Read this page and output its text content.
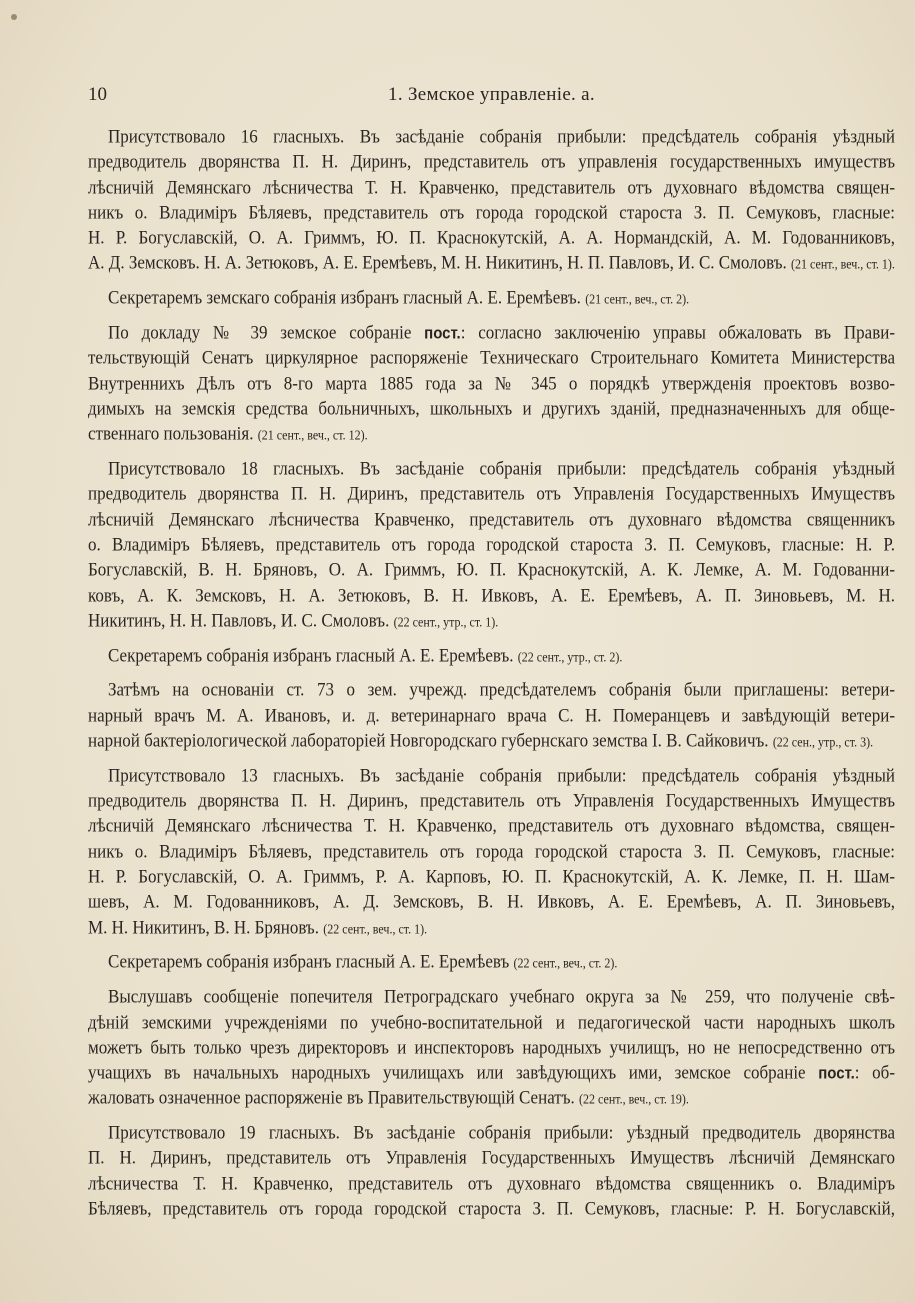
10	1. Земское управленіе. а.
Присутствовало 16 гласныхъ. Въ засѣданіе собранія прибыли: предсѣдатель собранія уѣздный
предводитель дворянства П. Н. Диринъ, представитель отъ управленія государственныхъ имуществъ
лѣсничій Демянскаго лѣсничества Т. Н. Кравченко, представитель отъ духовнаго вѣдомства священ-
никъ о. Владиміръ Бѣляевъ, представитель отъ города городской староста З. П. Семуковъ, гласные:
Н. Р. Богуславскій, О. А. Гриммъ, Ю. П. Краснокутскій, А. А. Нормандскій, А. М. Годованниковъ,
А. Д. Земсковъ. Н. А. Зетюковъ, А. Е. Еремѣевъ, М. Н. Никитинъ, Н. П. Павловъ, И. С. Смоловъ. (21 сент., веч., ст. 1).
Секретаремъ земскаго собранія избранъ гласный А. Е. Еремѣевъ. (21 сент., веч., ст. 2).
По докладу № 39 земское собраніе пост.: согласно заключенію управы обжаловать въ Прави-
тельствующій Сенатъ циркулярное распоряженіе Техническаго Строительнаго Комитета Министерства
Внутреннихъ Дѣлъ отъ 8-го марта 1885 года за № 345 о порядкѣ утвержденія проектовъ возво-
димыхъ на земскія средства больничныхъ, школьныхъ и другихъ зданій, предназначенныхъ для обще-
ственнаго пользованія. (21 сент., веч., ст. 12).
Присутствовало 18 гласныхъ. Въ засѣданіе собранія прибыли: предсѣдатель собранія уѣздный
предводитель дворянства П. Н. Диринъ, представитель отъ Управленія Государственныхъ Имуществъ
лѣсничій Демянскаго лѣсничества Кравченко, представитель отъ духовнаго вѣдомства священникъ
о. Владиміръ Бѣляевъ, представитель отъ города городской староста З. П. Семуковъ, гласные: Н. Р.
Богуславскій, В. Н. Бряновъ, О. А. Гриммъ, Ю. П. Краснокутскій, А. К. Лемке, А. М. Годованни-
ковъ, А. К. Земсковъ, Н. А. Зетюковъ, В. Н. Ивковъ, А. Е. Еремѣевъ, А. П. Зиновьевъ, М. Н.
Никитинъ, Н. Н. Павловъ, И. С. Смоловъ. (22 сент., утр., ст. 1).
Секретаремъ собранія избранъ гласный А. Е. Еремѣевъ. (22 сент., утр., ст. 2).
Затѣмъ на основаніи ст. 73 о зем. учрежд. предсѣдателемъ собранія были приглашены: ветери-
нарный врачъ М. А. Ивановъ, и. д. ветеринарнаго врача С. Н. Померанцевъ и завѣдующій ветери-
нарной бактеріологической лабораторіей Новгородскаго губернскаго земства І. В. Сайковичъ. (22 сен., утр., ст. 3).
Присутствовало 13 гласныхъ. Въ засѣданіе собранія прибыли: предсѣдатель собранія уѣздный
предводитель дворянства П. Н. Диринъ, представитель отъ Управленія Государственныхъ Имуществъ
лѣсничій Демянскаго лѣсничества Т. Н. Кравченко, представитель отъ духовнаго вѣдомства, священ-
никъ о. Владиміръ Бѣляевъ, представитель отъ города городской староста З. П. Семуковъ, гласные:
Н. Р. Богуславскій, О. А. Гриммъ, Р. А. Карповъ, Ю. П. Краснокутскій, А. К. Лемке, П. Н. Шам-
шевъ, А. М. Годованниковъ, А. Д. Земсковъ, В. Н. Ивковъ, А. Е. Еремѣевъ, А. П. Зиновьевъ,
М. Н. Никитинъ, В. Н. Бряновъ. (22 сент., веч., ст. 1).
Секретаремъ собранія избранъ гласный А. Е. Еремѣевъ (22 сент., веч., ст. 2).
Выслушавъ сообщеніе попечителя Петроградскаго учебнаго округа за № 259, что полученіе свѣ-
дѣній земскими учрежденіями по учебно-воспитательной и педагогической части народныхъ школъ
можетъ быть только чрезъ директоровъ и инспекторовъ народныхъ училищъ, но не непосредственно отъ
учащихъ въ начальныхъ народныхъ училищахъ или завѣдующихъ ими, земское собраніе пост.: об-
жаловать означенное распоряженіе въ Правительствующій Сенатъ. (22 сент., веч., ст. 19).
Присутствовало 19 гласныхъ. Въ засѣданіе собранія прибыли: уѣздный предводитель дворянства
П. Н. Диринъ, представитель отъ Управленія Государственныхъ Имуществъ лѣсничій Демянскаго
лѣсничества Т. Н. Кравченко, представитель отъ духовнаго вѣдомства священникъ о. Владиміръ
Бѣляевъ, представитель отъ города городской староста З. П. Семуковъ, гласные: Р. Н. Богуславскій,
